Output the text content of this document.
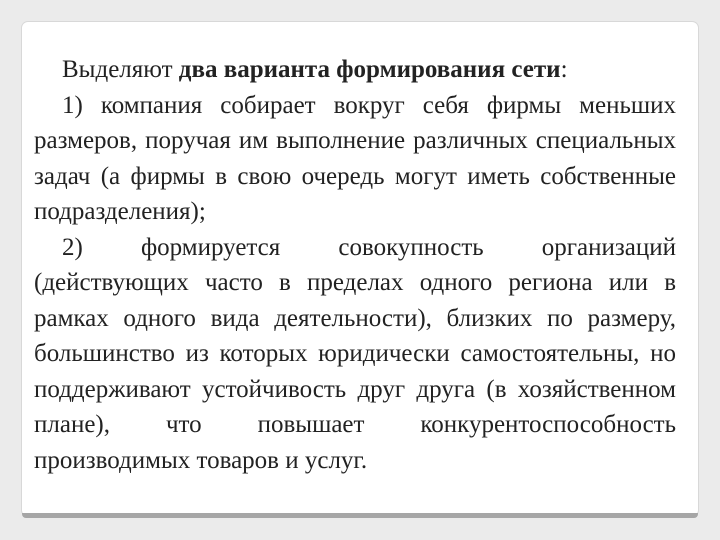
Выделяют два варианта формирования сети:

1) компания собирает вокруг себя фирмы меньших размеров, поручая им выполнение различных специальных задач (а фирмы в свою очередь могут иметь собственные подразделения);

2) формируется совокупность организаций (действующих часто в пределах одного региона или в рамках одного вида деятельности), близких по размеру, большинство из которых юридически самостоятельны, но поддерживают устойчивость друг друга (в хозяйственном плане), что повышает конкурентоспособность производимых товаров и услуг.
